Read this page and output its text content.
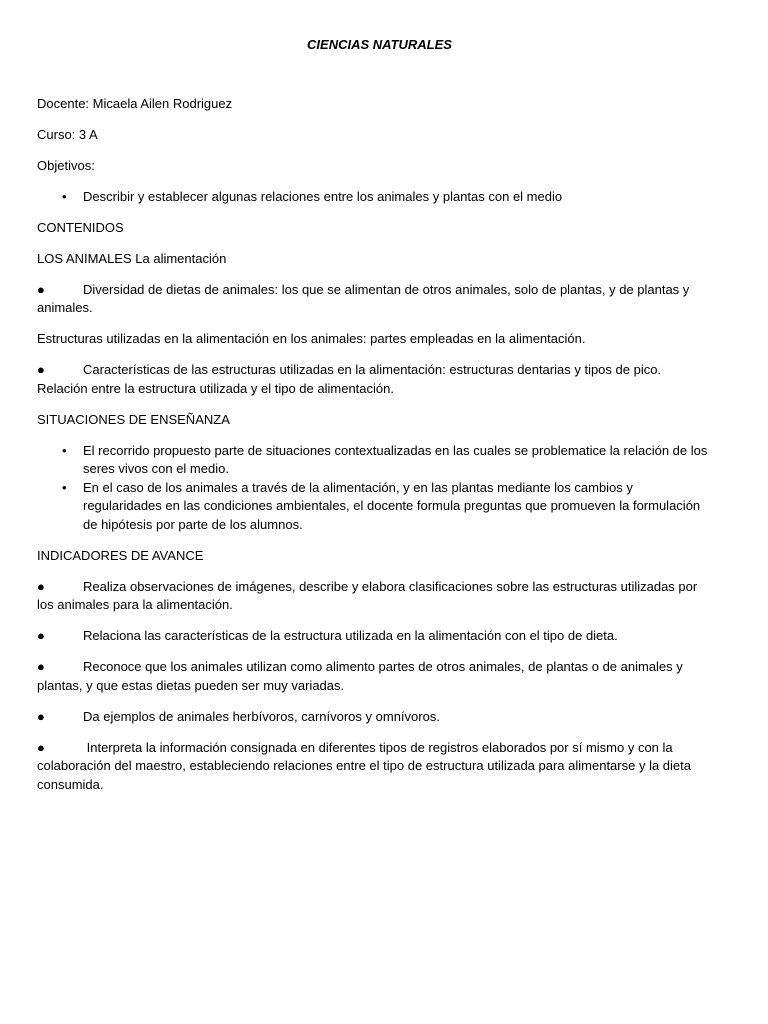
CIENCIAS NATURALES

Docente: Micaela Ailen Rodriguez

Curso: 3 A

Objetivos:

• Describir y establecer algunas relaciones entre los animales y plantas con el medio

CONTENIDOS

LOS ANIMALES La alimentación

●	Diversidad de dietas de animales: los que se alimentan de otros animales, solo de plantas, y de plantas y animales.

Estructuras utilizadas en la alimentación en los animales: partes empleadas en la alimentación.

●	Características de las estructuras utilizadas en la alimentación: estructuras dentarias y tipos de pico. Relación entre la estructura utilizada y el tipo de alimentación.

SITUACIONES DE ENSEÑANZA

• El recorrido propuesto parte de situaciones contextualizadas en las cuales se problematice la relación de los seres vivos con el medio.
• En el caso de los animales a través de la alimentación, y en las plantas mediante los cambios y regularidades en las condiciones ambientales, el docente formula preguntas que promueven la formulación de hipótesis por parte de los alumnos.

INDICADORES DE AVANCE

●	Realiza observaciones de imágenes, describe y elabora clasificaciones sobre las estructuras utilizadas por los animales para la alimentación.

●	Relaciona las características de la estructura utilizada en la alimentación con el tipo de dieta.

●	Reconoce que los animales utilizan como alimento partes de otros animales, de plantas o de animales y plantas, y que estas dietas pueden ser muy variadas.

●	Da ejemplos de animales herbívoros, carnívoros y omnívoros.

●	Interpreta la información consignada en diferentes tipos de registros elaborados por sí mismo y con la colaboración del maestro, estableciendo relaciones entre el tipo de estructura utilizada para alimentarse y la dieta consumida.
